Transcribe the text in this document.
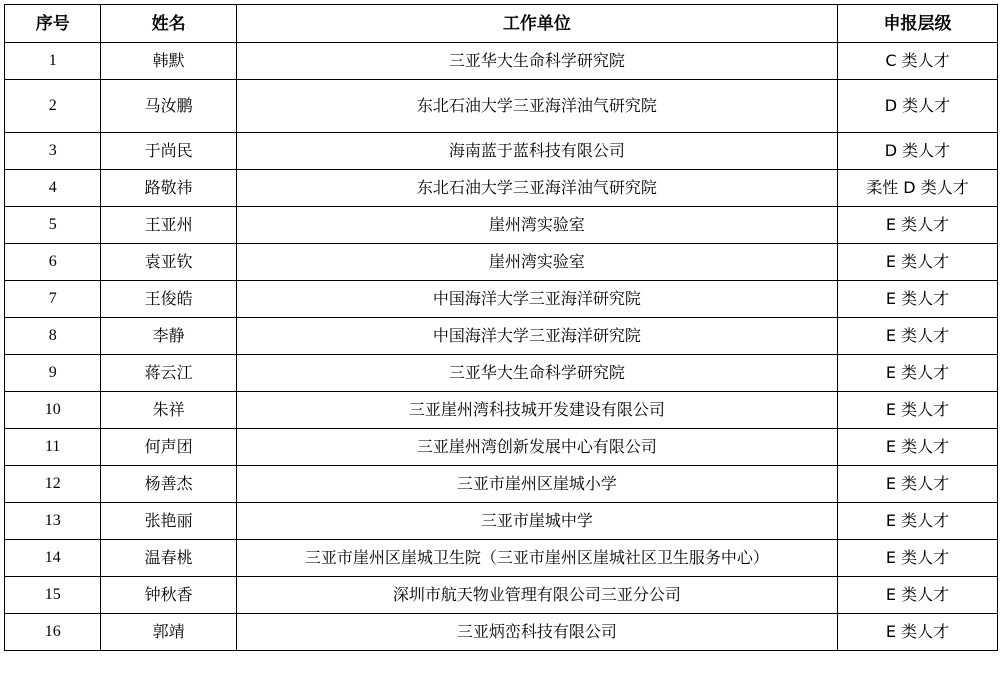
序号	姓名	工作单位	申报层级
1	韩默	三亚华大生命科学研究院	C 类人才
2	马汝鹏	东北石油大学三亚海洋油气研究院	D 类人才
3	于尚民	海南蓝于蓝科技有限公司	D 类人才
4	路敬祎	东北石油大学三亚海洋油气研究院	柔性 D 类人才
5	王亚州	崖州湾实验室	E 类人才
6	袁亚钦	崖州湾实验室	E 类人才
7	王俊皓	中国海洋大学三亚海洋研究院	E 类人才
8	李静	中国海洋大学三亚海洋研究院	E 类人才
9	蒋云江	三亚华大生命科学研究院	E 类人才
10	朱祥	三亚崖州湾科技城开发建设有限公司	E 类人才
11	何声团	三亚崖州湾创新发展中心有限公司	E 类人才
12	杨善杰	三亚市崖州区崖城小学	E 类人才
13	张艳丽	三亚市崖城中学	E 类人才
14	温春桃	三亚市崖州区崖城卫生院（三亚市崖州区崖城社区卫生服务中心）	E 类人才
15	钟秋香	深圳市航天物业管理有限公司三亚分公司	E 类人才
16	郭靖	三亚炳峦科技有限公司	E 类人才
